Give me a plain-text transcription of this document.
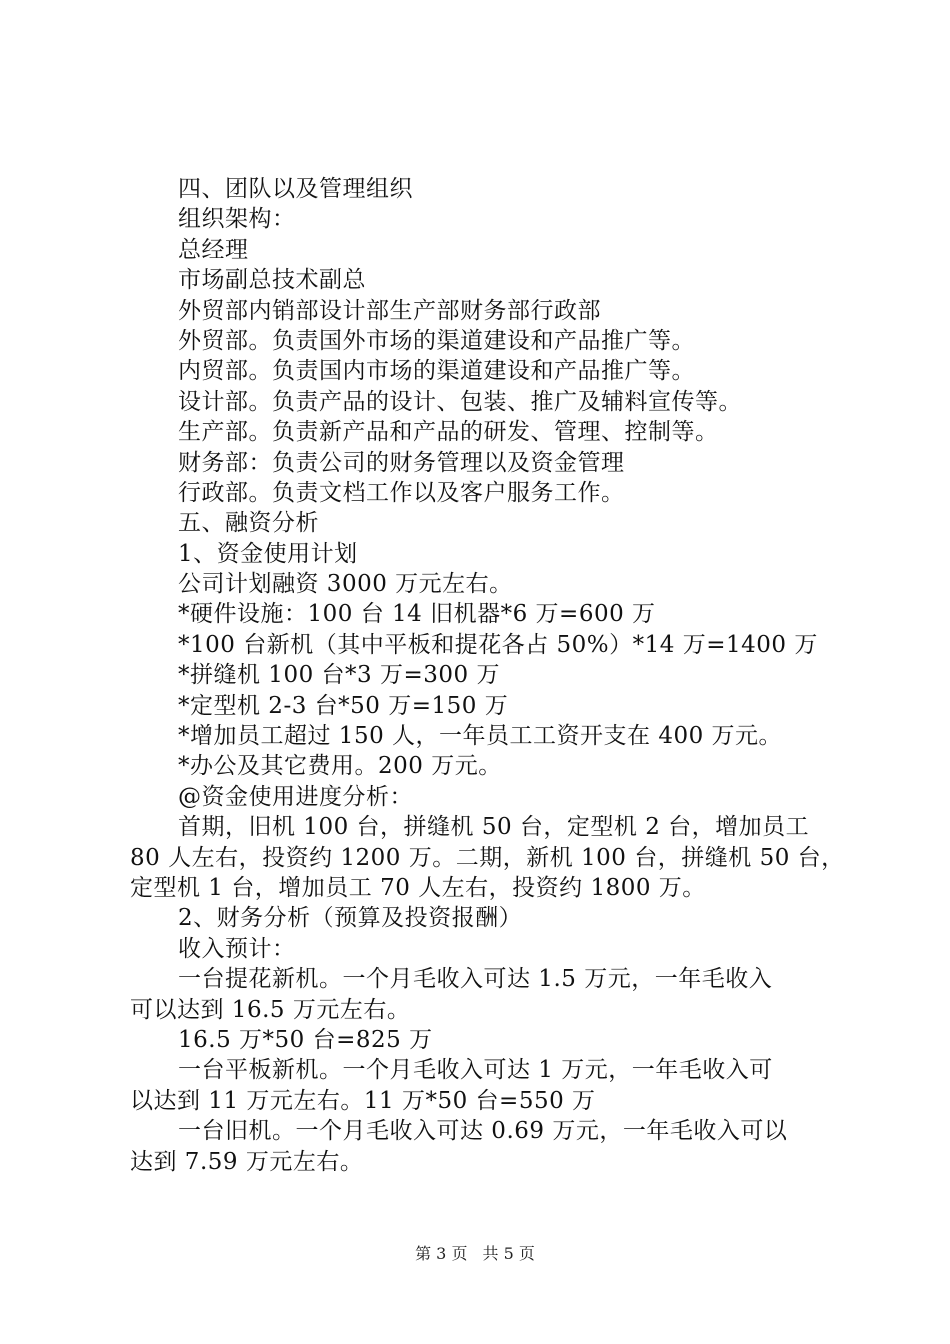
四、团队以及管理组织
组织架构：
总经理
市场副总技术副总
外贸部内销部设计部生产部财务部行政部
外贸部。负责国外市场的渠道建设和产品推广等。
内贸部。负责国内市场的渠道建设和产品推广等。
设计部。负责产品的设计、包装、推广及辅料宣传等。
生产部。负责新产品和产品的研发、管理、控制等。
财务部：负责公司的财务管理以及资金管理
行政部。负责文档工作以及客户服务工作。
五、融资分析
1、资金使用计划
公司计划融资 3000 万元左右。
*硬件设施：100 台 14 旧机器*6 万=600 万
*100 台新机（其中平板和提花各占 50%）*14 万=1400 万
*拼缝机 100 台*3 万=300 万
*定型机 2-3 台*50 万=150 万
*增加员工超过 150 人，一年员工工资开支在 400 万元。
*办公及其它费用。200 万元。
@资金使用进度分析：
首期，旧机 100 台，拼缝机 50 台，定型机 2 台，增加员工
80 人左右，投资约 1200 万。二期，新机 100 台，拼缝机 50 台，
定型机 1 台，增加员工 70 人左右，投资约 1800 万。
2、财务分析（预算及投资报酬）
收入预计：
一台提花新机。一个月毛收入可达 1.5 万元，一年毛收入
可以达到 16.5 万元左右。
16.5 万*50 台=825 万
一台平板新机。一个月毛收入可达 1 万元，一年毛收入可
以达到 11 万元左右。11 万*50 台=550 万
一台旧机。一个月毛收入可达 0.69 万元，一年毛收入可以
达到 7.59 万元左右。
第 3 页 共 5 页
